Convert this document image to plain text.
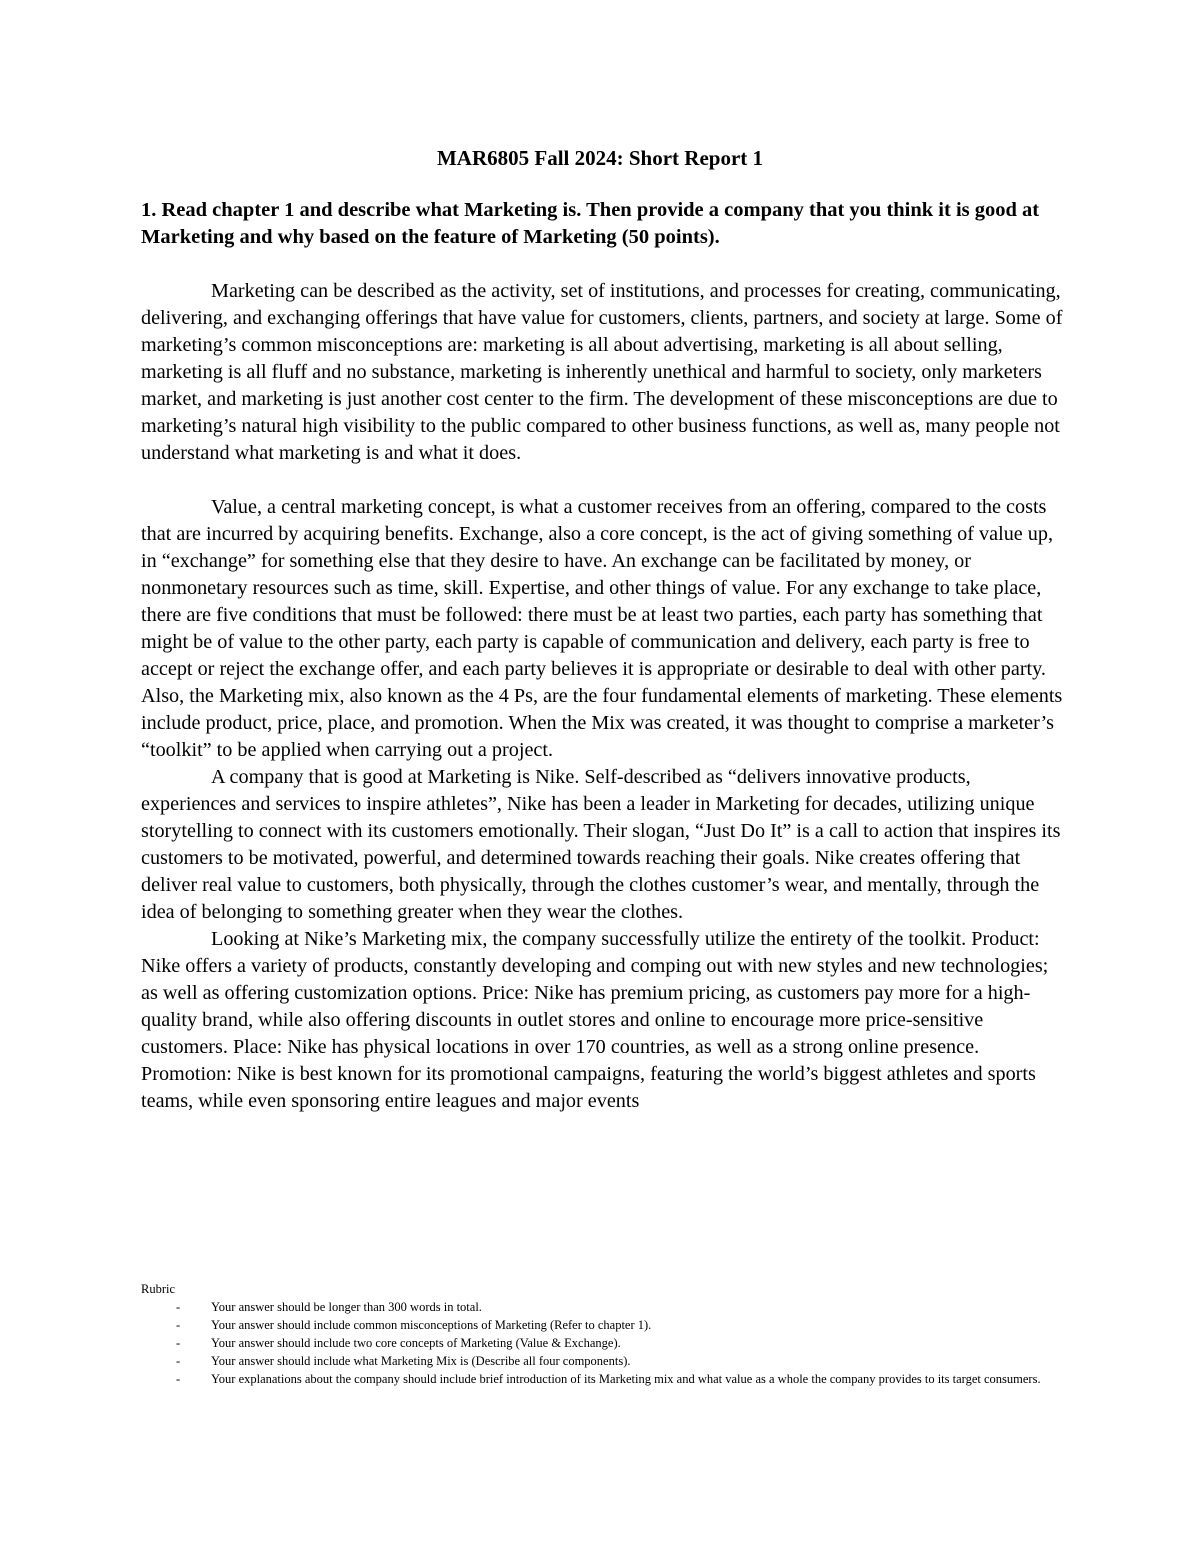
MAR6805 Fall 2024: Short Report 1
1. Read chapter 1 and describe what Marketing is. Then provide a company that you think it is good at Marketing and why based on the feature of Marketing (50 points).

Marketing can be described as the activity, set of institutions, and processes for creating, communicating, delivering, and exchanging offerings that have value for customers, clients, partners, and society at large. Some of marketing’s common misconceptions are: marketing is all about advertising, marketing is all about selling, marketing is all fluff and no substance, marketing is inherently unethical and harmful to society, only marketers market, and marketing is just another cost center to the firm. The development of these misconceptions are due to marketing’s natural high visibility to the public compared to other business functions, as well as, many people not understand what marketing is and what it does.

Value, a central marketing concept, is what a customer receives from an offering, compared to the costs that are incurred by acquiring benefits. Exchange, also a core concept, is the act of giving something of value up, in “exchange” for something else that they desire to have. An exchange can be facilitated by money, or nonmonetary resources such as time, skill. Expertise, and other things of value. For any exchange to take place, there are five conditions that must be followed: there must be at least two parties, each party has something that might be of value to the other party, each party is capable of communication and delivery, each party is free to accept or reject the exchange offer, and each party believes it is appropriate or desirable to deal with other party. Also, the Marketing mix, also known as the 4 Ps, are the four fundamental elements of marketing. These elements include product, price, place, and promotion. When the Mix was created, it was thought to comprise a marketer’s “toolkit” to be applied when carrying out a project.

A company that is good at Marketing is Nike. Self-described as “delivers innovative products, experiences and services to inspire athletes”, Nike has been a leader in Marketing for decades, utilizing unique storytelling to connect with its customers emotionally. Their slogan, “Just Do It” is a call to action that inspires its customers to be motivated, powerful, and determined towards reaching their goals. Nike creates offering that deliver real value to customers, both physically, through the clothes customer’s wear, and mentally, through the idea of belonging to something greater when they wear the clothes.

Looking at Nike’s Marketing mix, the company successfully utilize the entirety of the toolkit. Product: Nike offers a variety of products, constantly developing and comping out with new styles and new technologies; as well as offering customization options. Price: Nike has premium pricing, as customers pay more for a high-quality brand, while also offering discounts in outlet stores and online to encourage more price-sensitive customers. Place: Nike has physical locations in over 170 countries, as well as a strong online presence. Promotion: Nike is best known for its promotional campaigns, featuring the world’s biggest athletes and sports teams, while even sponsoring entire leagues and major events

Rubric
- Your answer should be longer than 300 words in total.
- Your answer should include common misconceptions of Marketing (Refer to chapter 1).
- Your answer should include two core concepts of Marketing (Value & Exchange).
- Your answer should include what Marketing Mix is (Describe all four components).
- Your explanations about the company should include brief introduction of its Marketing mix and what value as a whole the company provides to its target consumers.
